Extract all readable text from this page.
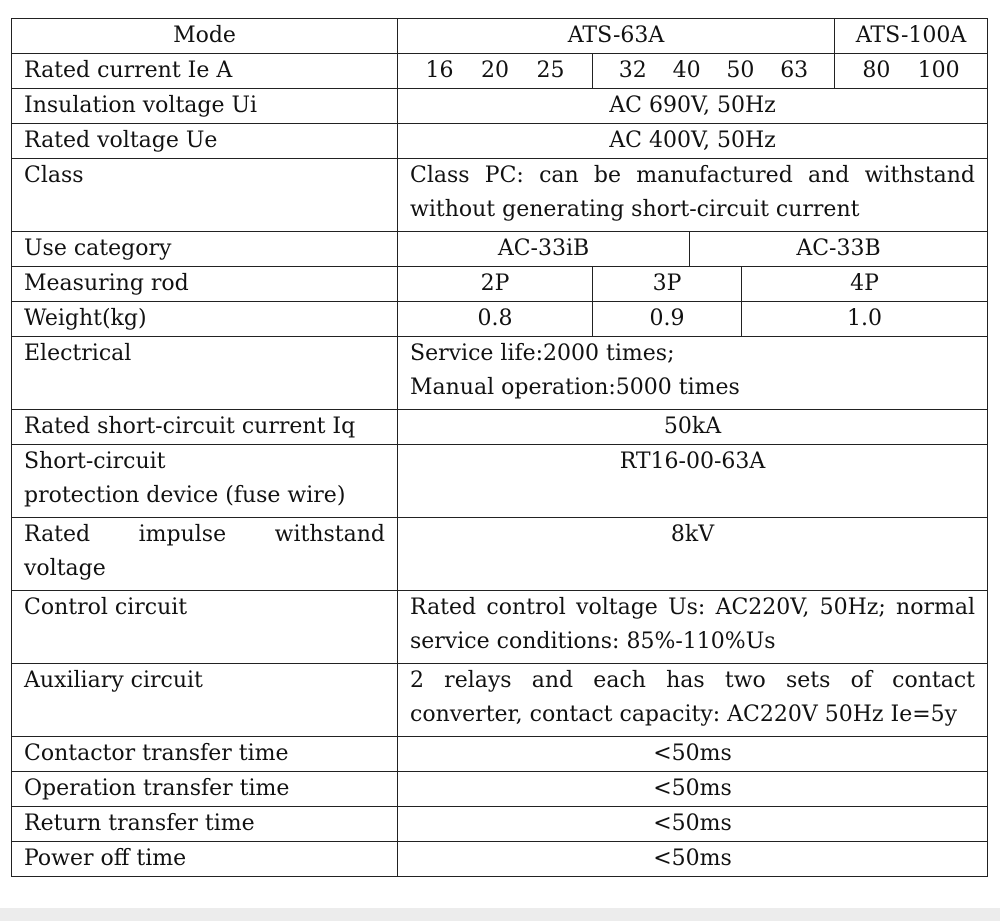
Mode	ATS-63A				ATS-100A
Rated current Ie A	16 20 25	32 40 50 63			80 100

Insulation voltage Ui	AC 690V, 50Hz				
Rated voltage Ue	AC 400V, 50Hz				
Class	Class PC: can be manufactured and withstand without generating short-circuit current				
Use category	AC-33iB		AC-33B		
Measuring rod	2P	3P		4P	
Weight(kg)	0.8	0.9		1.0	
Electrical	Service life:2000 times;
Manual operation:5000 times				

Rated short-circuit current Iq	50kA				

Short-circuit
protection device (fuse wire)	RT16-00-63A				

Rated impulse withstand
voltage	8kV				
Control circuit	Rated control voltage Us: AC220V, 50Hz; normal service conditions: 85%-110%Us				
Auxiliary circuit	2 relays and each has two sets of contact converter, contact capacity: AC220V 50Hz Ie=5y				
Contactor transfer time	<50ms				
Operation transfer time	<50ms				
Return transfer time	<50ms				
Power off time	<50ms				
